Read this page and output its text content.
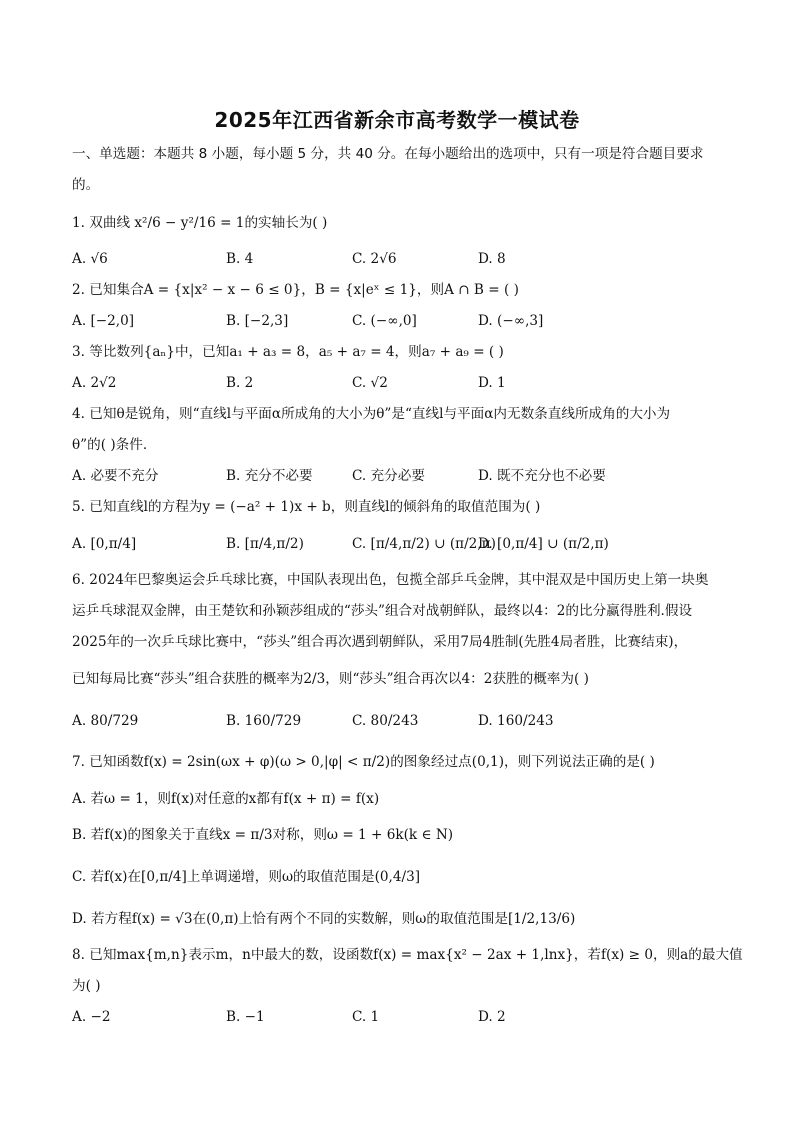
2025年江西省新余市高考数学一模试卷
一、单选题：本题共 8 小题，每小题 5 分，共 40 分。在每小题给出的选项中，只有一项是符合题目要求
的。
1. 双曲线 x²/6 − y²/16 = 1的实轴长为( )
A. √6	B. 4	C. 2√6	D. 8
2. 已知集合A = {x|x² − x − 6 ≤ 0}，B = {x|eˣ ≤ 1}，则A ∩ B = ( )
A. [−2,0]	B. [−2,3]	C. (−∞,0]	D. (−∞,3]
3. 等比数列{aₙ}中，已知a₁ + a₃ = 8，a₅ + a₇ = 4，则a₇ + a₉ = ( )
A. 2√2	B. 2	C. √2	D. 1
4. 已知θ是锐角，则“直线l与平面α所成角的大小为θ”是“直线l与平面α内无数条直线所成角的大小为
θ”的( )条件．
A. 必要不充分	B. 充分不必要	C. 充分必要	D. 既不充分也不必要
5. 已知直线l的方程为y = (−a² + 1)x + b，则直线l的倾斜角的取值范围为( )
A. [0,π/4]	B. [π/4,π/2)	C. [π/4,π/2) ∪ (π/2,π)
D. [0,π/4] ∪ (π/2,π)
6. 2024年巴黎奥运会乒乓球比赛，中国队表现出色，包揽全部乒乓金牌，其中混双是中国历史上第一块奥
运乒乓球混双金牌，由王楚钦和孙颖莎组成的“莎头”组合对战朝鲜队，最终以4：2的比分赢得胜利.假设
2025年的一次乒乓球比赛中，“莎头”组合再次遇到朝鲜队，采用7局4胜制(先胜4局者胜，比赛结束)，
已知每局比赛“莎头”组合获胜的概率为2/3，则“莎头”组合再次以4：2获胜的概率为( )
A. 80/729	B. 160/729	C. 80/243	D. 160/243
7. 已知函数f(x) = 2sin(ωx + φ)(ω > 0,|φ| < π/2)的图象经过点(0,1)，则下列说法正确的是( )
A. 若ω = 1，则f(x)对任意的x都有f(x + π) = f(x)
B. 若f(x)的图象关于直线x = π/3对称，则ω = 1 + 6k(k ∈ N)
C. 若f(x)在[0,π/4]上单调递增，则ω的取值范围是(0,4/3]
D. 若方程f(x) = √3在(0,π)上恰有两个不同的实数解，则ω的取值范围是[1/2,13/6)
8. 已知max{m,n}表示m，n中最大的数，设函数f(x) = max{x² − 2ax + 1,lnx}，若f(x) ≥ 0，则a的最大值
为( )
A. −2	B. −1	C. 1	D. 2
